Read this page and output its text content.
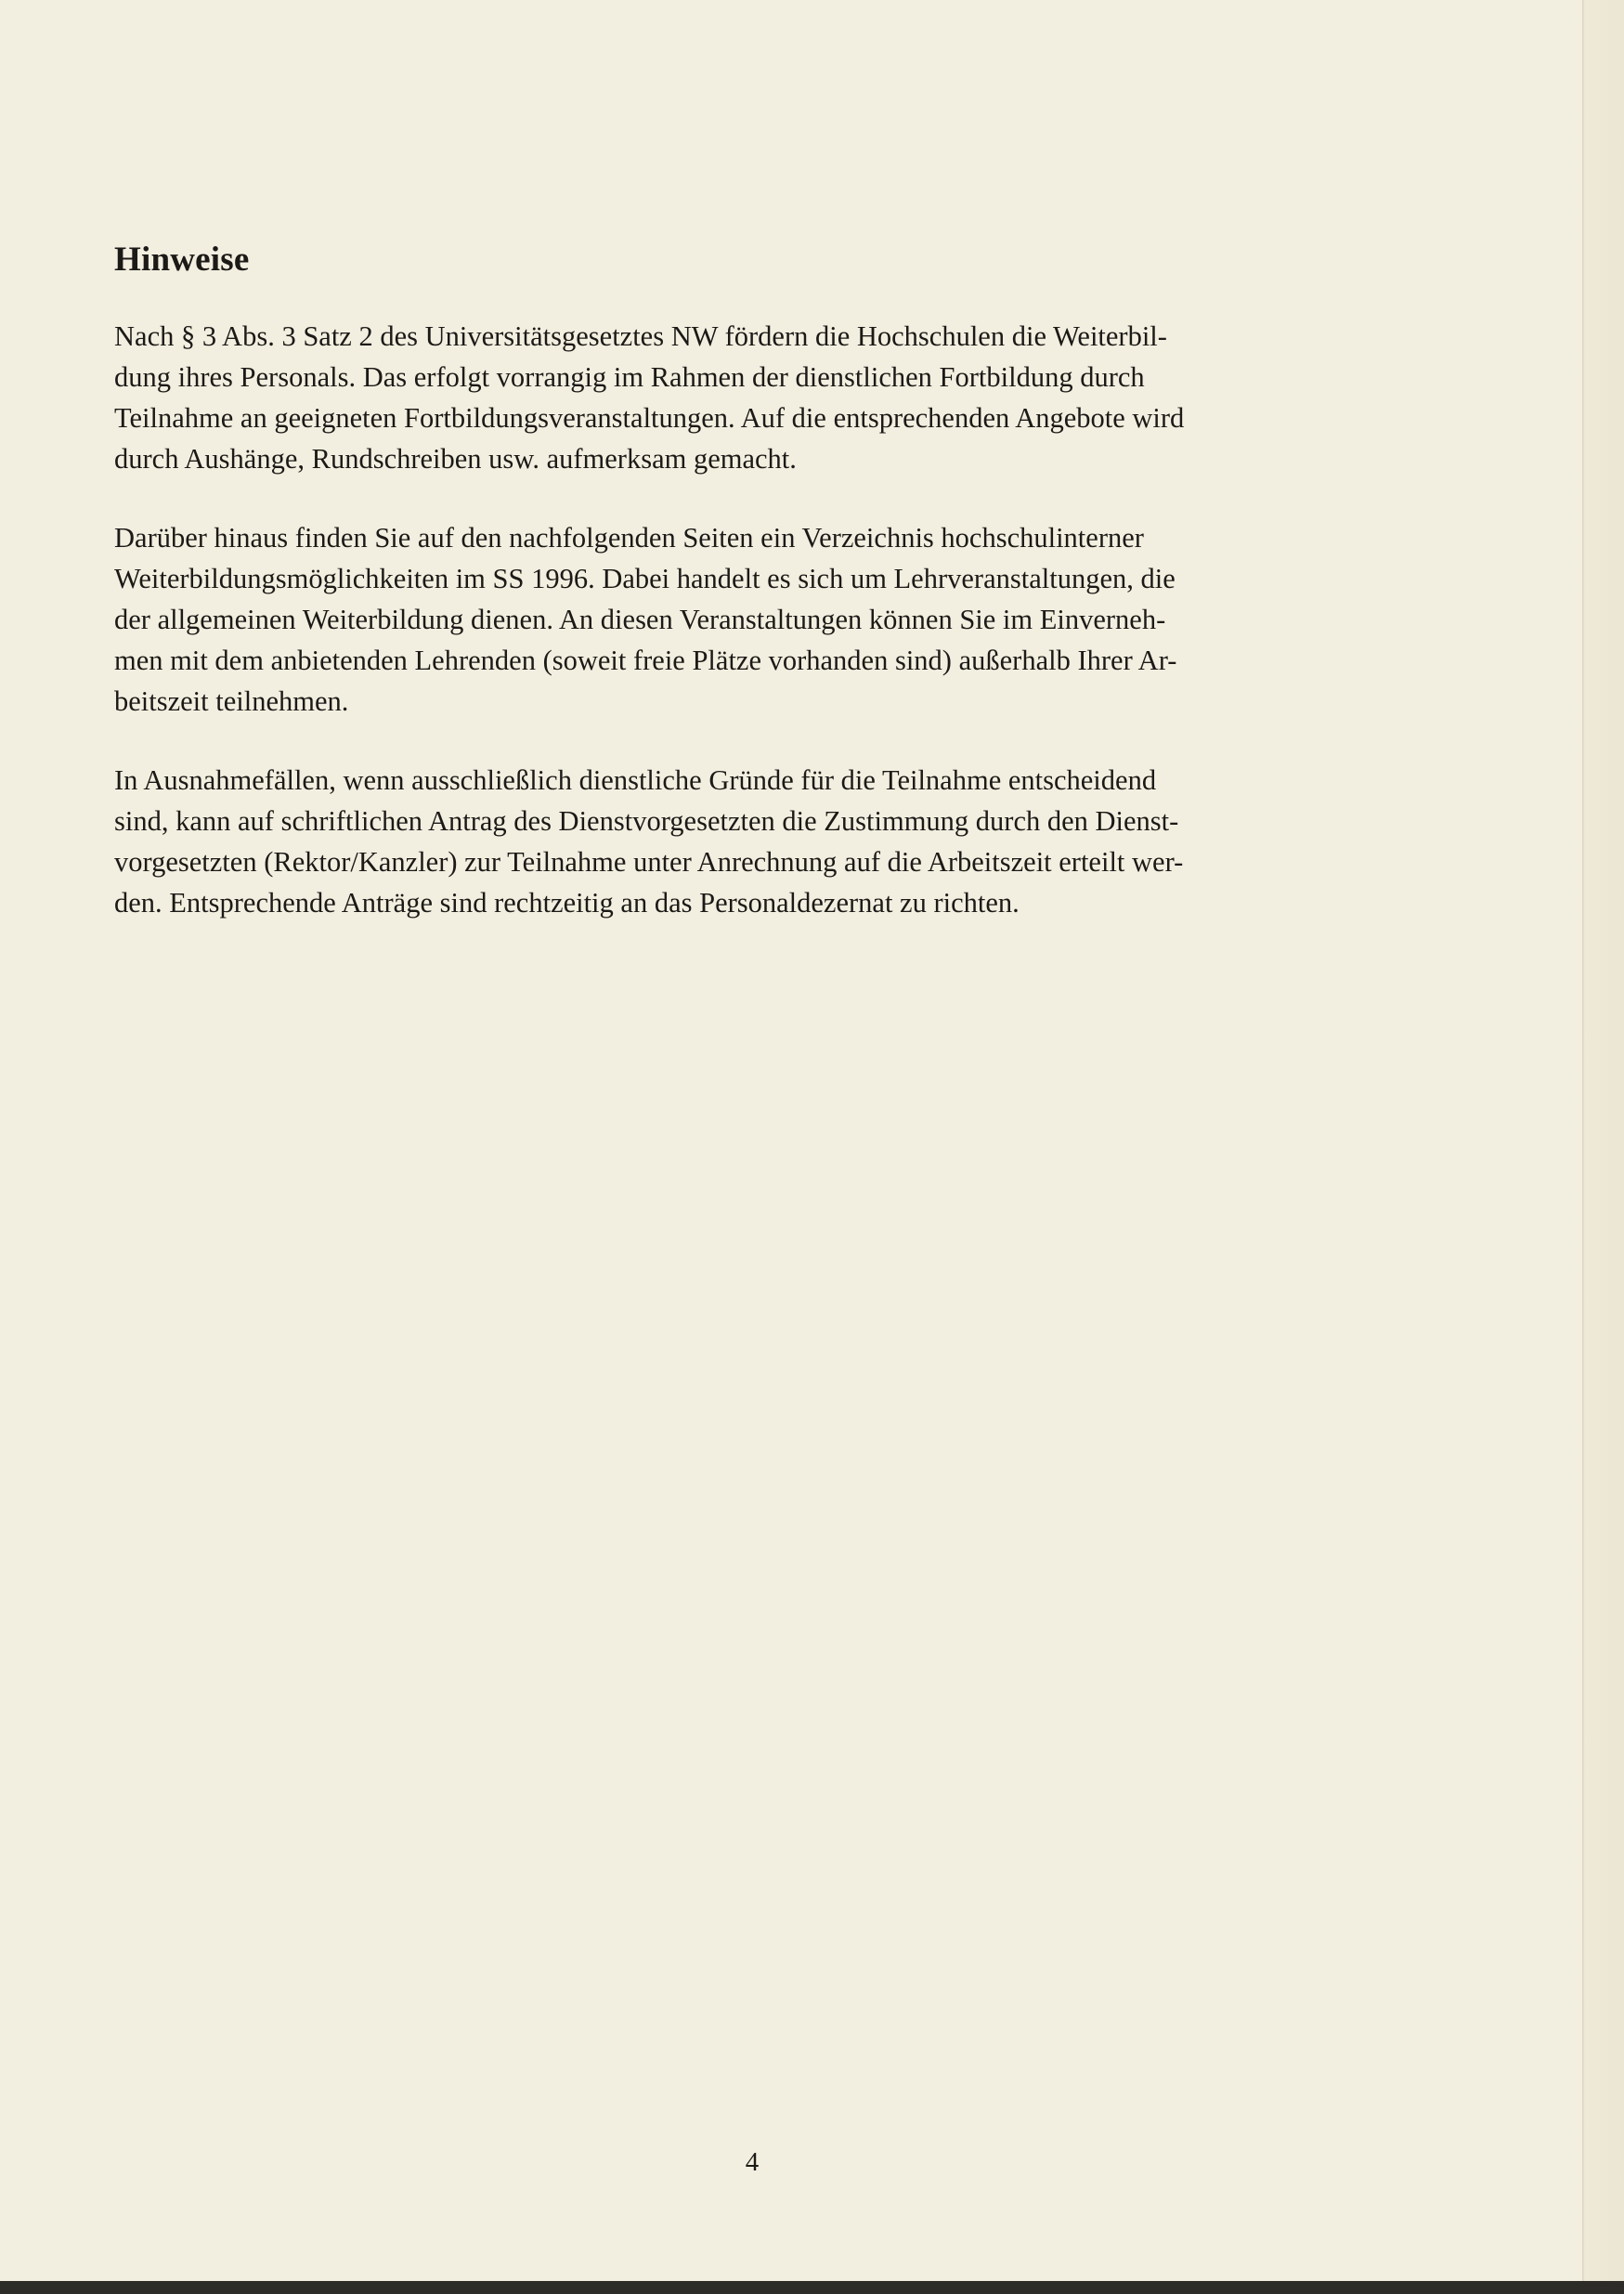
Hinweise

Nach § 3 Abs. 3 Satz 2 des Universitätsgesetztes NW fördern die Hochschulen die Weiterbil-
dung ihres Personals. Das erfolgt vorrangig im Rahmen der dienstlichen Fortbildung durch
Teilnahme an geeigneten Fortbildungsveranstaltungen. Auf die entsprechenden Angebote wird
durch Aushänge, Rundschreiben usw. aufmerksam gemacht.

Darüber hinaus finden Sie auf den nachfolgenden Seiten ein Verzeichnis hochschulinterner
Weiterbildungsmöglichkeiten im SS 1996. Dabei handelt es sich um Lehrveranstaltungen, die
der allgemeinen Weiterbildung dienen. An diesen Veranstaltungen können Sie im Einverneh-
men mit dem anbietenden Lehrenden (soweit freie Plätze vorhanden sind) außerhalb Ihrer Ar-
beitszeit teilnehmen.

In Ausnahmefällen, wenn ausschließlich dienstliche Gründe für die Teilnahme entscheidend
sind, kann auf schriftlichen Antrag des Dienstvorgesetzten die Zustimmung durch den Dienst-
vorgesetzten (Rektor/Kanzler) zur Teilnahme unter Anrechnung auf die Arbeitszeit erteilt wer-
den. Entsprechende Anträge sind rechtzeitig an das Personaldezernat zu richten.

4
